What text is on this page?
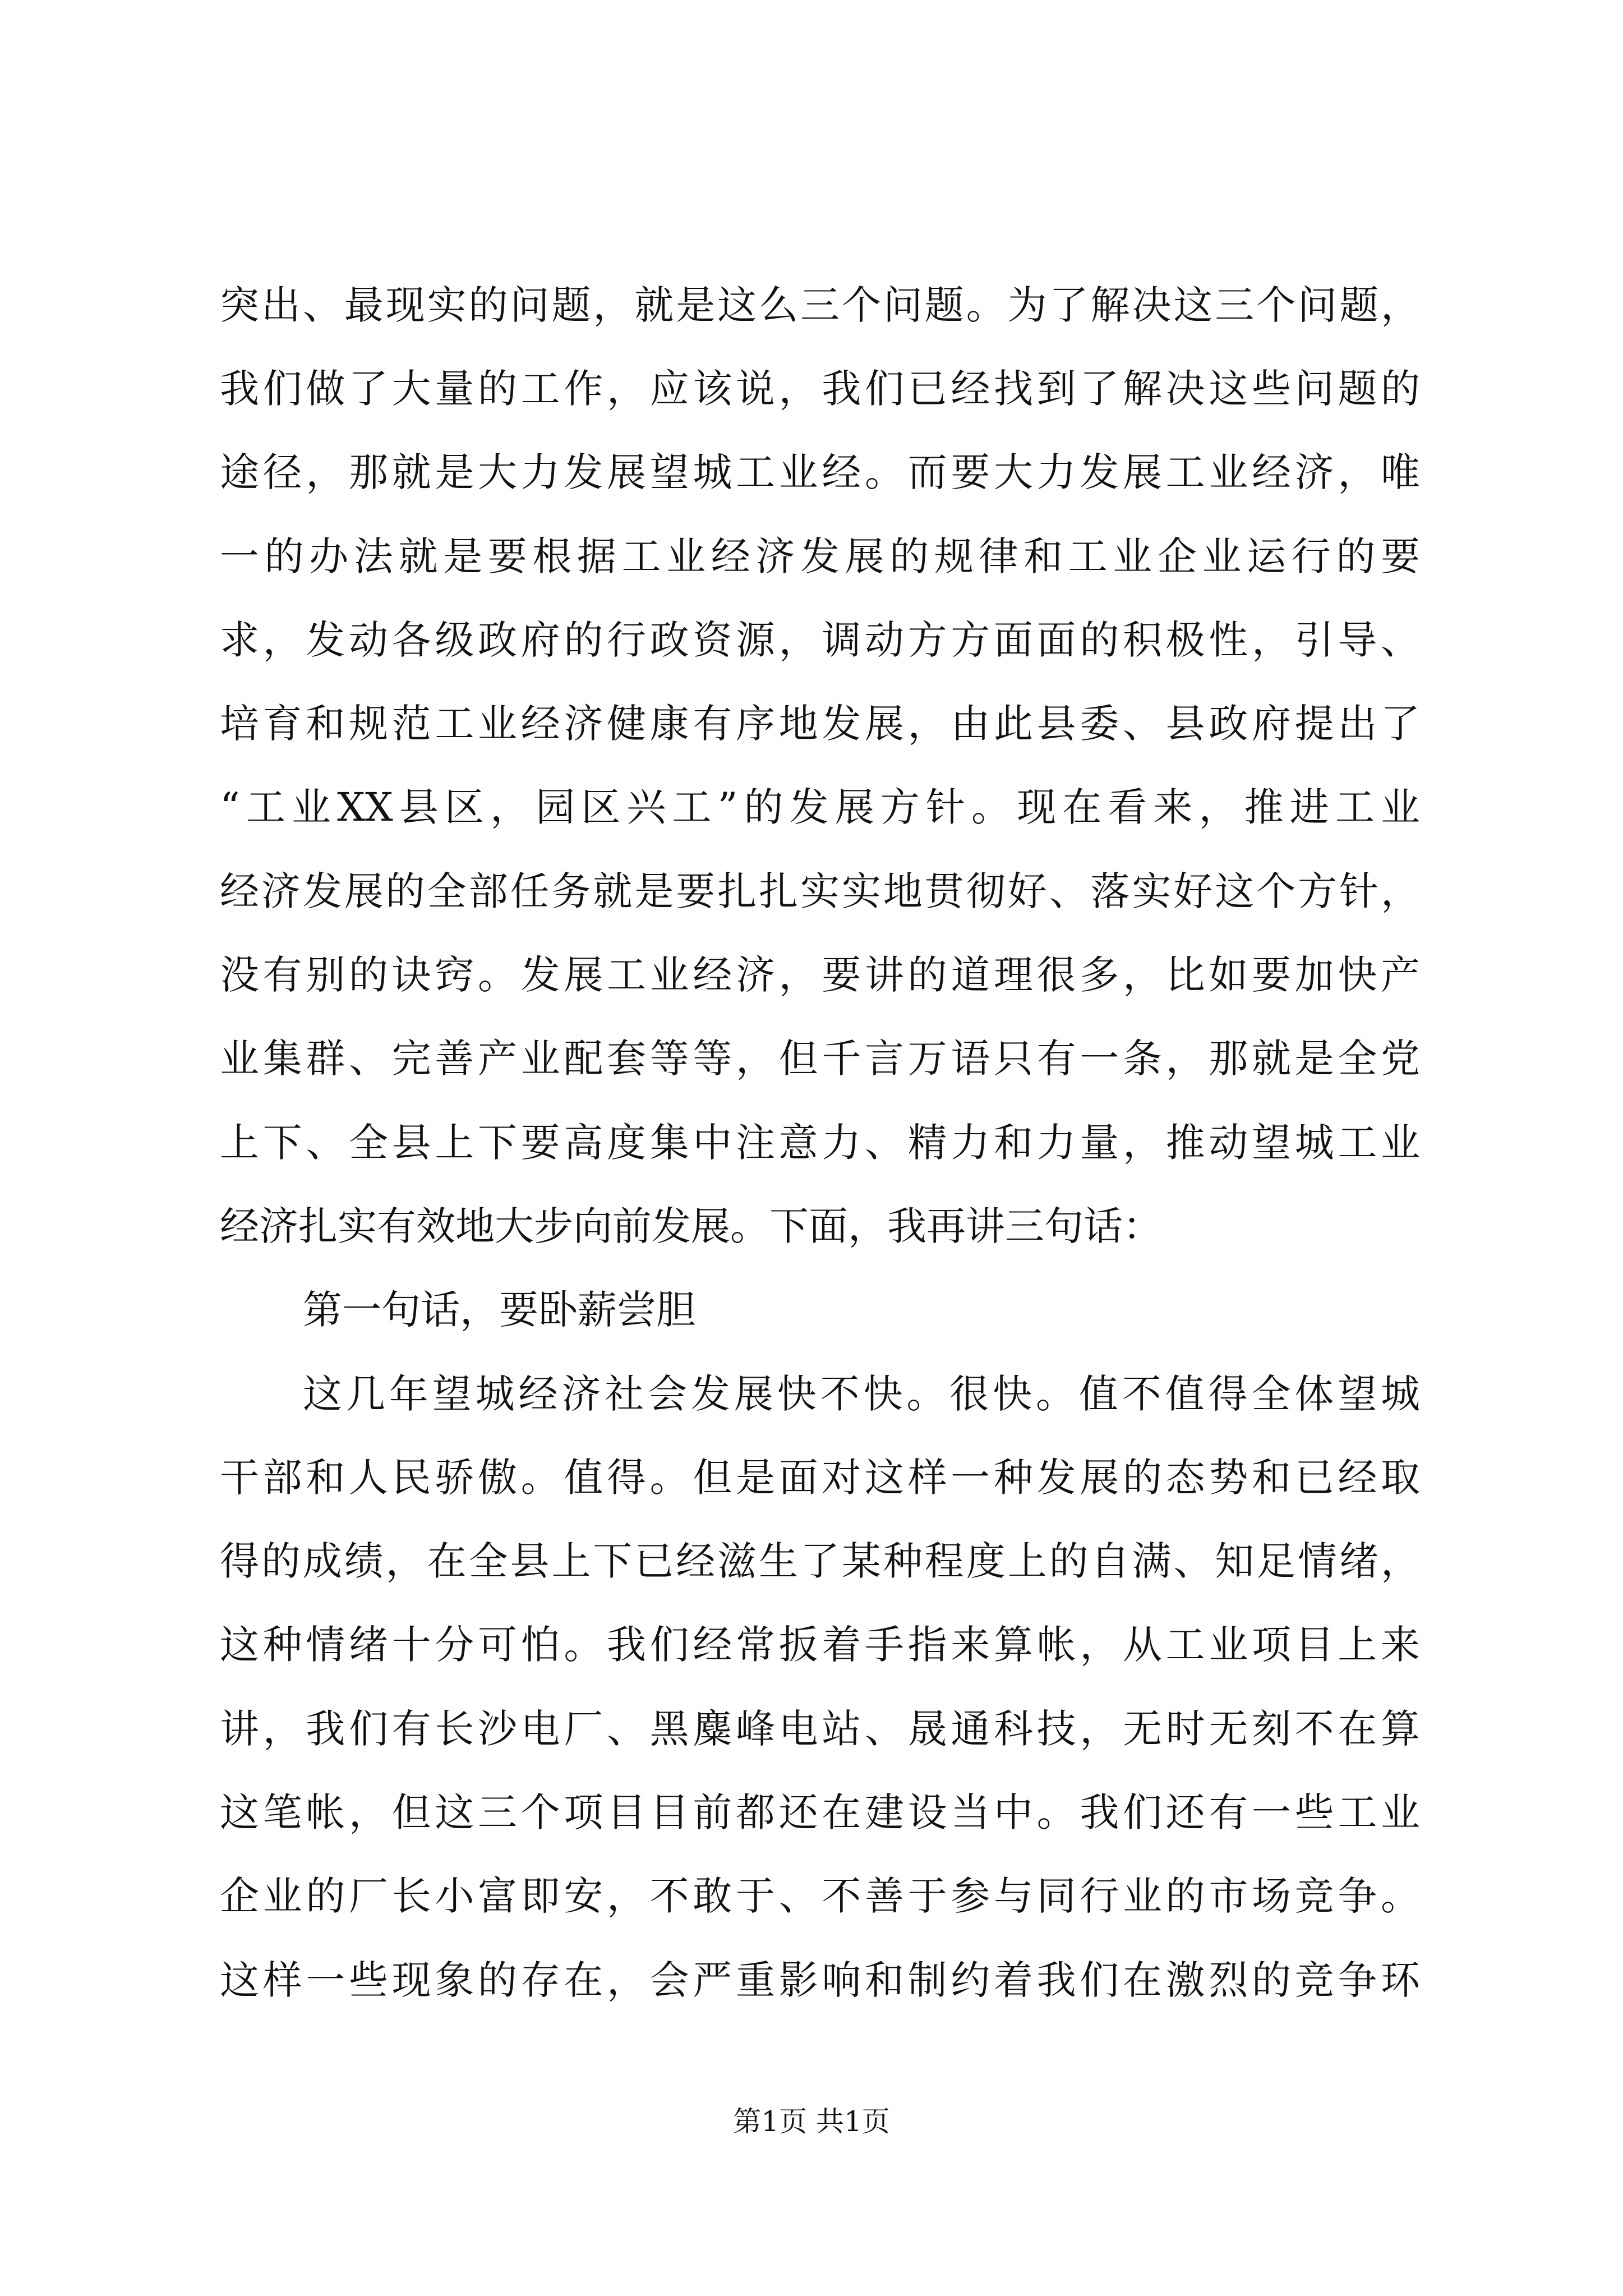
突出、最现实的问题，就是这么三个问题。为了解决这三个问题，
我们做了大量的工作，应该说，我们已经找到了解决这些问题的
途径，那就是大力发展望城工业经。而要大力发展工业经济，唯
一的办法就是要根据工业经济发展的规律和工业企业运行的要
求，发动各级政府的行政资源，调动方方面面的积极性，引导、
培育和规范工业经济健康有序地发展，由此县委、县政府提出了
“工业XX县区，园区兴工”的发展方针。现在看来，推进工业
经济发展的全部任务就是要扎扎实实地贯彻好、落实好这个方针，
没有别的诀窍。发展工业经济，要讲的道理很多，比如要加快产
业集群、完善产业配套等等，但千言万语只有一条，那就是全党
上下、全县上下要高度集中注意力、精力和力量，推动望城工业
经济扎实有效地大步向前发展。下面，我再讲三句话：
第一句话，要卧薪尝胆
这几年望城经济社会发展快不快。很快。值不值得全体望城
干部和人民骄傲。值得。但是面对这样一种发展的态势和已经取
得的成绩，在全县上下已经滋生了某种程度上的自满、知足情绪，
这种情绪十分可怕。我们经常扳着手指来算帐，从工业项目上来
讲，我们有长沙电厂、黑麋峰电站、晟通科技，无时无刻不在算
这笔帐，但这三个项目目前都还在建设当中。我们还有一些工业
企业的厂长小富即安，不敢于、不善于参与同行业的市场竞争。
这样一些现象的存在，会严重影响和制约着我们在激烈的竞争环
第1页 共1页
